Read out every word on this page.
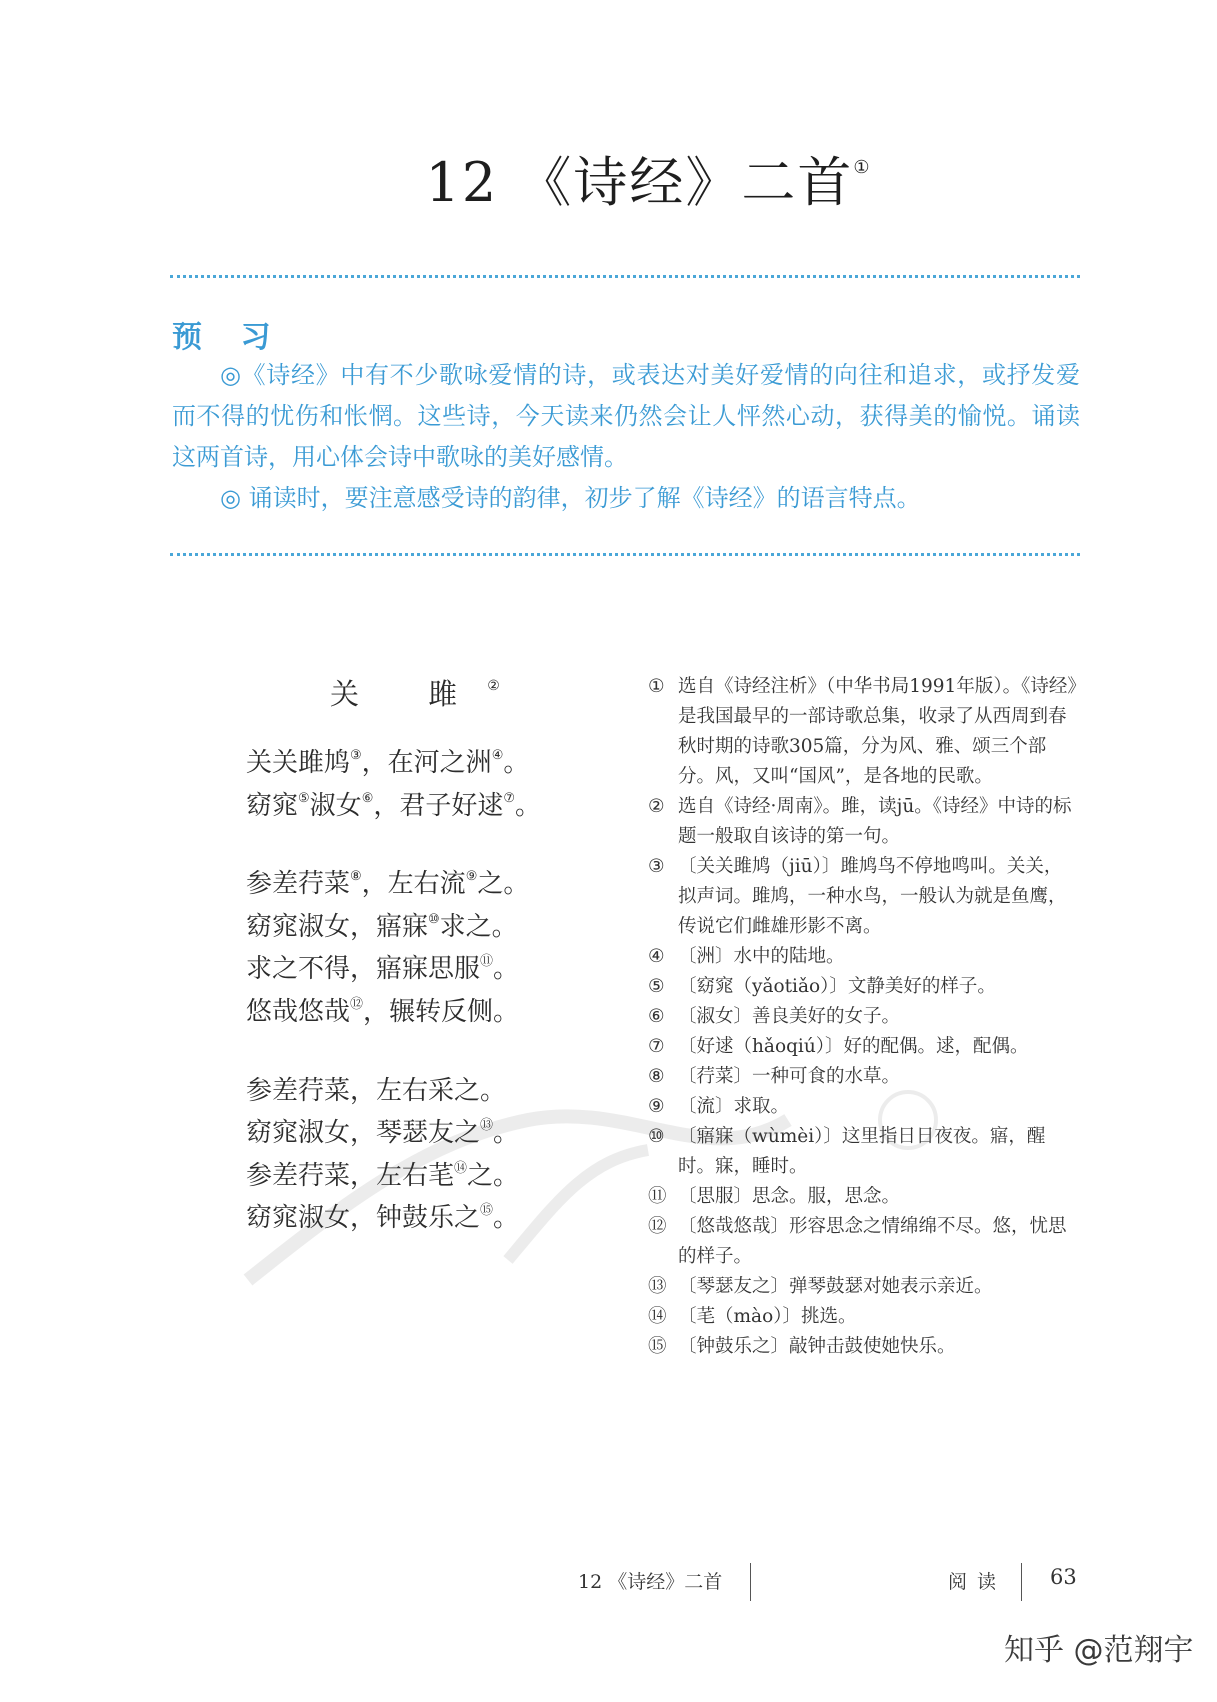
12 《诗经》二首①
预 习

◎《诗经》中有不少歌咏爱情的诗，或表达对美好爱情的向往和追求，或抒发爱而不得的忧伤和怅惘。这些诗，今天读来仍然会让人怦然心动，获得美的愉悦。诵读这两首诗，用心体会诗中歌咏的美好感情。

◎ 诵读时，要注意感受诗的韵律，初步了解《诗经》的语言特点。

关 雎②
关关雎鸠③，在河之洲④。
窈窕⑤淑女⑥，君子好逑⑦。
参差荇菜⑧，左右流⑨之。
窈窕淑女，寤寐⑩求之。
求之不得，寤寐思服⑪。
悠哉悠哉⑫，辗转反侧。
参差荇菜，左右采之。
窈窕淑女，琴瑟友之⑬。
参差荇菜，左右芼⑭之。
窈窕淑女，钟鼓乐之⑮。

① 选自《诗经注析》（中华书局1991年版）。《诗经》是我国最早的一部诗歌总集，收录了从西周到春秋时期的诗歌305篇，分为风、雅、颂三个部分。风，又叫“国风”，是各地的民歌。

② 选自《诗经·周南》。雎，读jū。《诗经》中诗的标题一般取自该诗的第一句。

③ 〔关关雎鸠（jiū）〕雎鸠鸟不停地鸣叫。关关，拟声词。雎鸠，一种水鸟，一般认为就是鱼鹰，传说它们雌雄形影不离。

④ 〔洲〕水中的陆地。

⑤ 〔窈窕（yǎotiǎo）〕文静美好的样子。

⑥ 〔淑女〕善良美好的女子。

⑦ 〔好逑（hǎoqiú）〕好的配偶。逑，配偶。

⑧ 〔荇菜〕一种可食的水草。

⑨ 〔流〕求取。

⑩ 〔寤寐（wùmèi）〕这里指日日夜夜。寤，醒时。寐，睡时。

⑪ 〔思服〕思念。服，思念。

⑫ 〔悠哉悠哉〕形容思念之情绵绵不尽。悠，忧思的样子。

⑬ 〔琴瑟友之〕弹琴鼓瑟对她表示亲近。

⑭ 〔芼（mào）〕挑选。

⑮ 〔钟鼓乐之〕敲钟击鼓使她快乐。

12 《诗经》二首	阅读 63
知乎 @范翔宇
